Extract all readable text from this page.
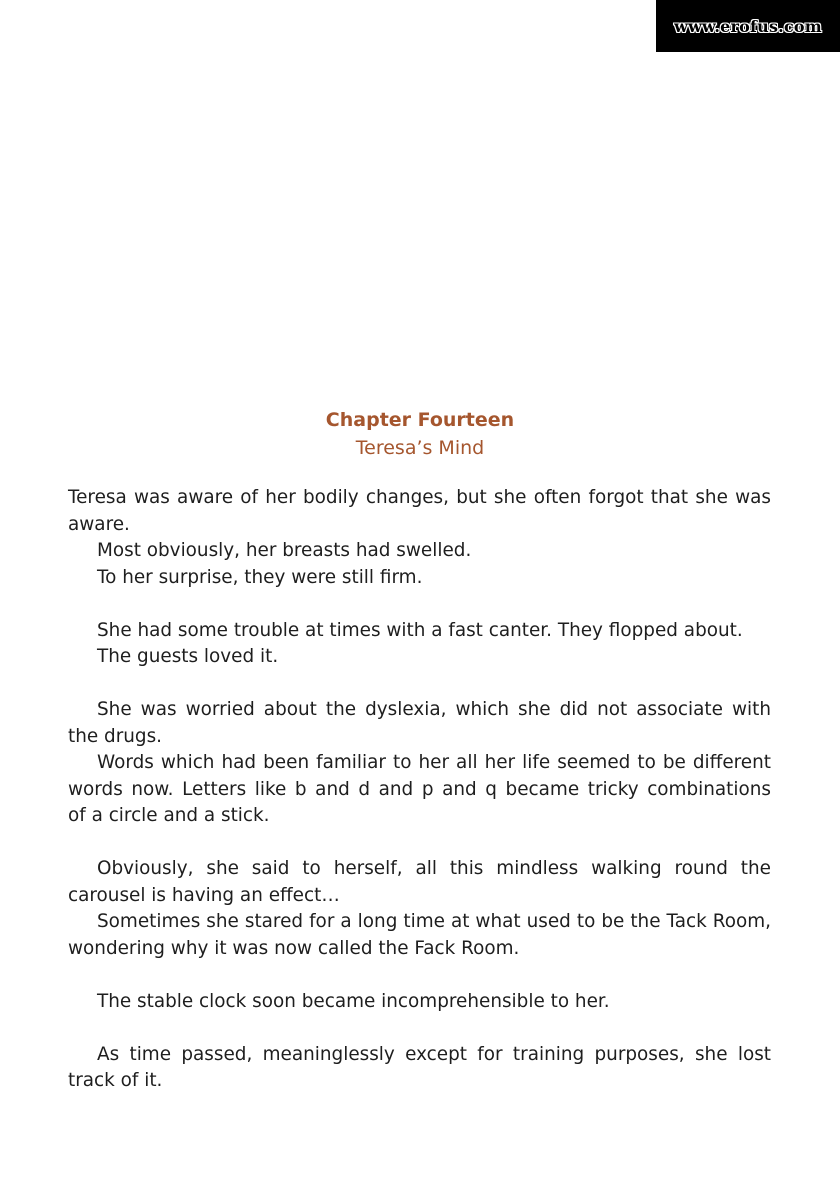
www.erofus.com
Chapter Fourteen
Teresa’s Mind
Teresa was aware of her bodily changes, but she often forgot that she was
aware.
Most obviously, her breasts had swelled.
To her surprise, they were still firm.
She had some trouble at times with a fast canter. They flopped about.
The guests loved it.
She was worried about the dyslexia, which she did not associate with
the drugs.
Words which had been familiar to her all her life seemed to be different
words now. Letters like b and d and p and q became tricky combinations
of a circle and a stick.
Obviously, she said to herself, all this mindless walking round the
carousel is having an effect…
Sometimes she stared for a long time at what used to be the Tack Room,
wondering why it was now called the Fack Room.
The stable clock soon became incomprehensible to her.
As time passed, meaninglessly except for training purposes, she lost
track of it.
